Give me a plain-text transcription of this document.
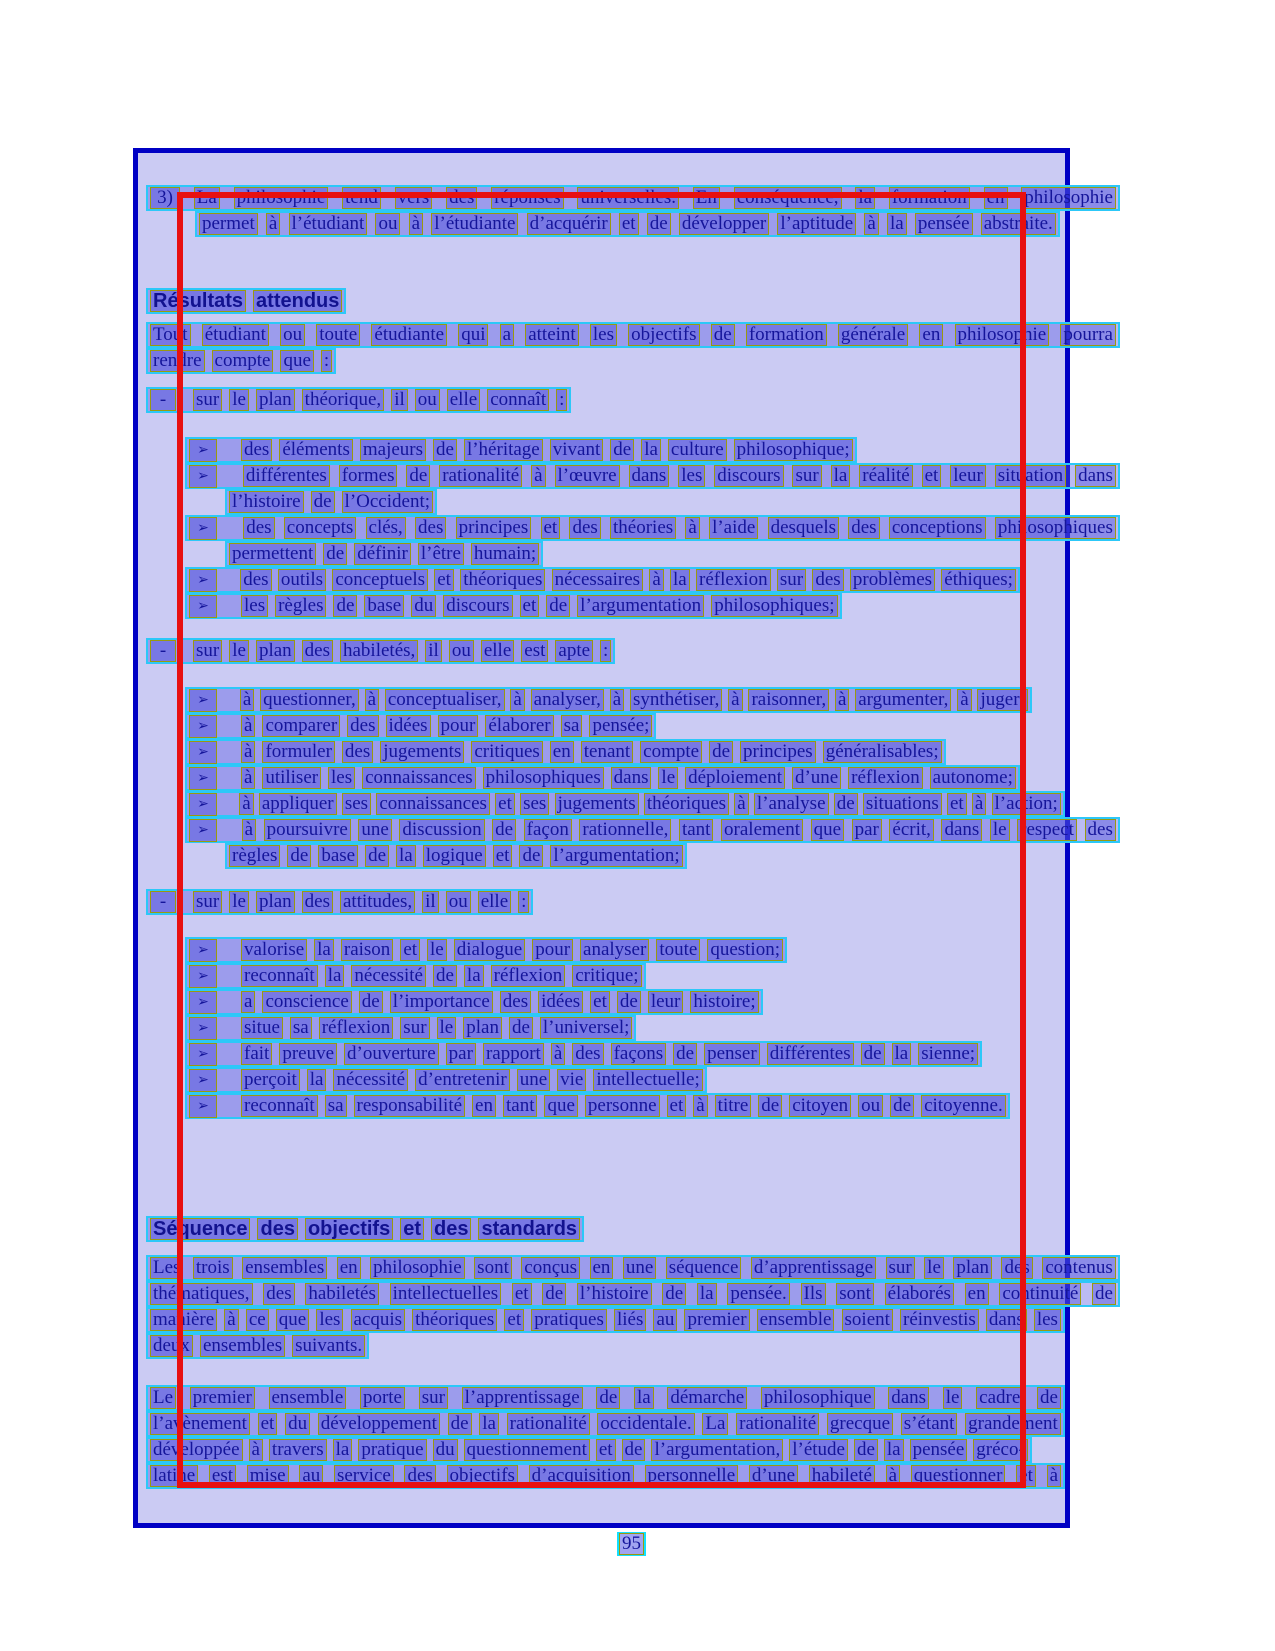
3)	La philosophie tend vers des réponses universelles. En conséquence, la formation en philosophie
permet à l’étudiant ou à l’étudiante d’acquérir et de développer l’aptitude à la pensée abstraite.
Résultats attendus
Tout étudiant ou toute étudiante qui a atteint les objectifs de formation générale en philosophie pourra
rendre compte que :
-	sur le plan théorique, il ou elle connaît :
➢	des éléments majeurs de l’héritage vivant de la culture philosophique;
➢	différentes formes de rationalité à l’œuvre dans les discours sur la réalité et leur situation dans
l’histoire de l’Occident;
➢	des concepts clés, des principes et des théories à l’aide desquels des conceptions philosophiques
permettent de définir l’être humain;
➢	des outils conceptuels et théoriques nécessaires à la réflexion sur des problèmes éthiques;
➢	les règles de base du discours et de l’argumentation philosophiques;
-	sur le plan des habiletés, il ou elle est apte :
➢	à questionner, à conceptualiser, à analyser, à synthétiser, à raisonner, à argumenter, à juger;
➢	à comparer des idées pour élaborer sa pensée;
➢	à formuler des jugements critiques en tenant compte de principes généralisables;
➢	à utiliser les connaissances philosophiques dans le déploiement d’une réflexion autonome;
➢	à appliquer ses connaissances et ses jugements théoriques à l’analyse de situations et à l’action;
➢	à poursuivre une discussion de façon rationnelle, tant oralement que par écrit, dans le respect des
règles de base de la logique et de l’argumentation;
-	sur le plan des attitudes, il ou elle :
➢	valorise la raison et le dialogue pour analyser toute question;
➢	reconnaît la nécessité de la réflexion critique;
➢	a conscience de l’importance des idées et de leur histoire;
➢	situe sa réflexion sur le plan de l’universel;
➢	fait preuve d’ouverture par rapport à des façons de penser différentes de la sienne;
➢	perçoit la nécessité d’entretenir une vie intellectuelle;
➢	reconnaît sa responsabilité en tant que personne et à titre de citoyen ou de citoyenne.
Séquence des objectifs et des standards
Les trois ensembles en philosophie sont conçus en une séquence d’apprentissage sur le plan des contenus
thématiques, des habiletés intellectuelles et de l’histoire de la pensée. Ils sont élaborés en continuité de
manière à ce que les acquis théoriques et pratiques liés au premier ensemble soient réinvestis dans les
deux ensembles suivants.
Le premier ensemble porte sur l’apprentissage de la démarche philosophique dans le cadre de
l’avènement et du développement de la rationalité occidentale. La rationalité grecque s’étant grandement
développée à travers la pratique du questionnement et de l’argumentation, l’étude de la pensée gréco-
latine est mise au service des objectifs d’acquisition personnelle d’une habileté à questionner et à
95
